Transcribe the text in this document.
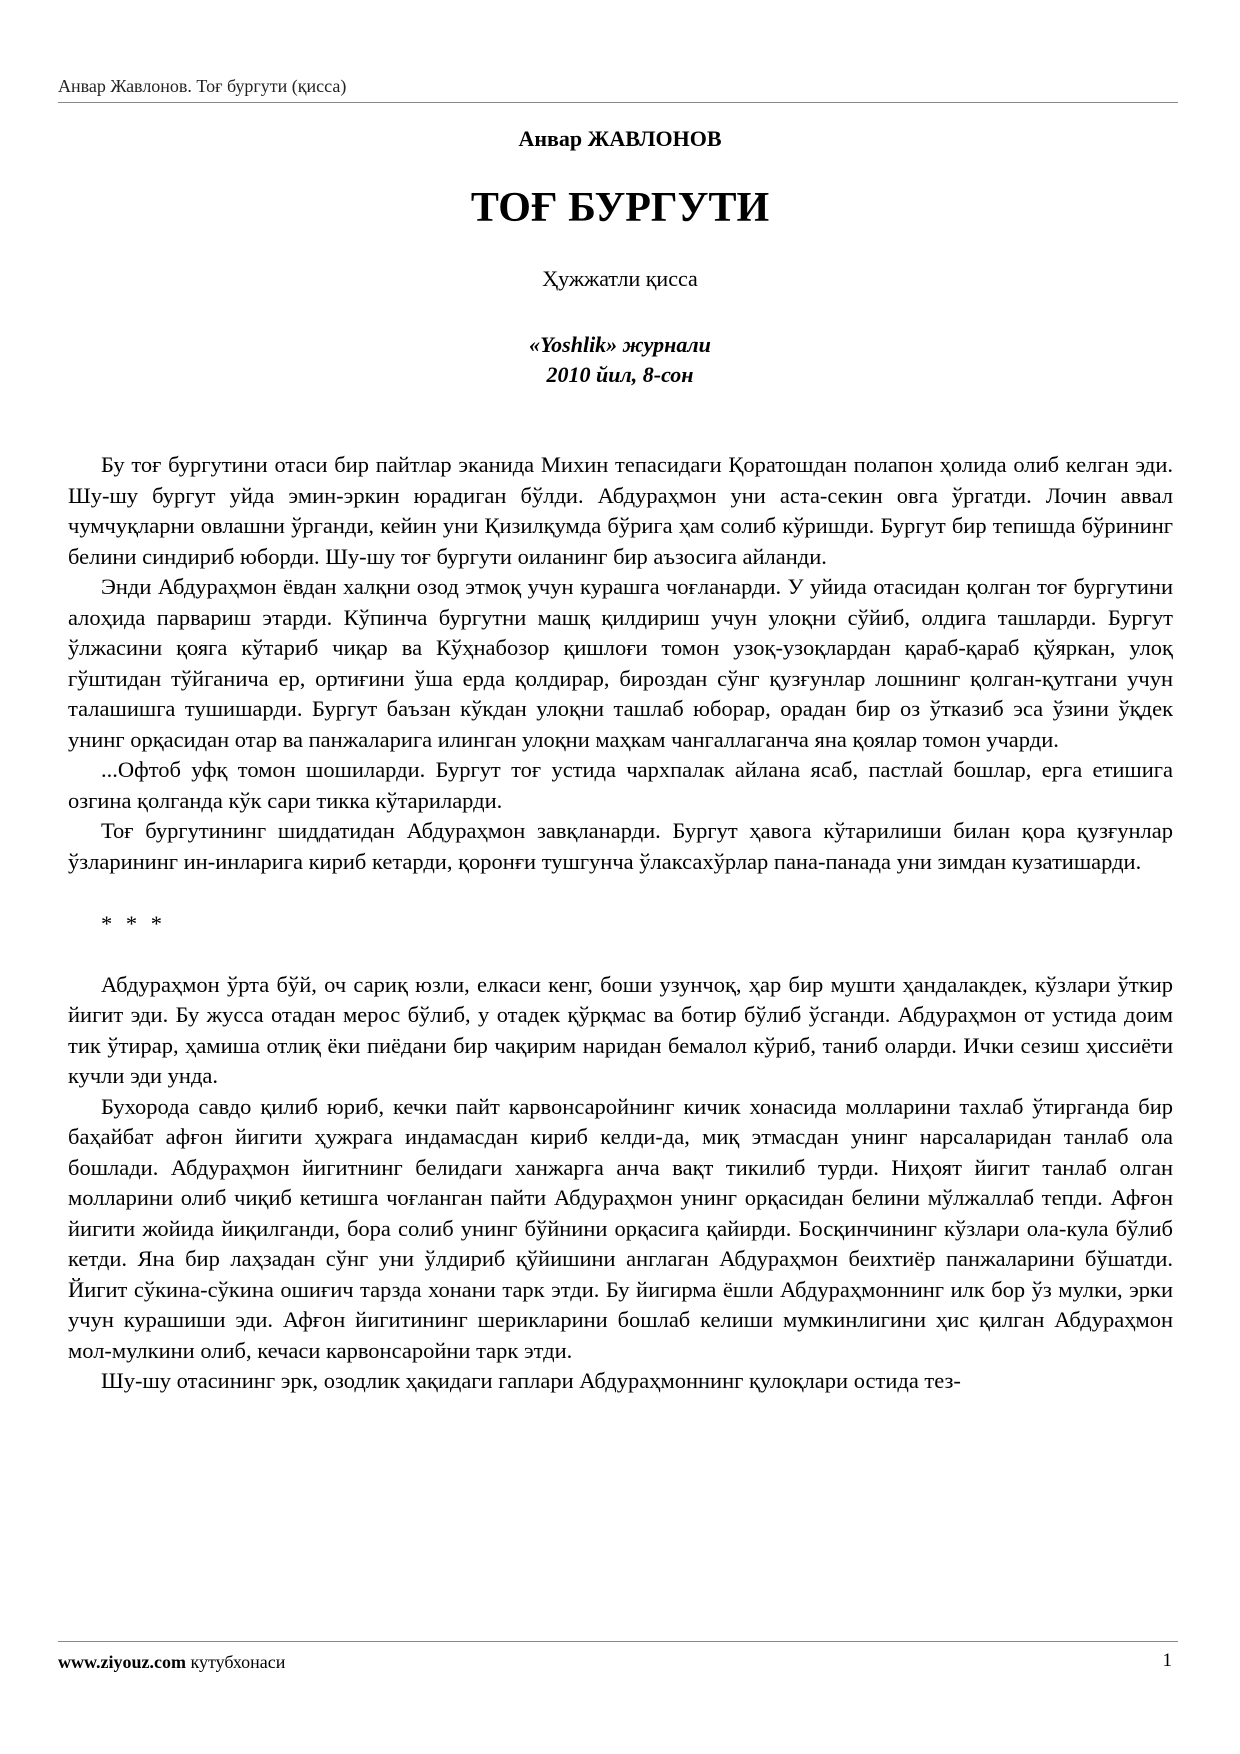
Анвар Жавлонов. Тоғ бургути (қисса)
Анвар ЖАВЛОНОВ
ТОҒ БУРГУТИ
Ҳужжатли қисса
«Yoshlik» журнали
2010 йил, 8-сон

Бу тоғ бургутини отаси бир пайтлар эканида Михин тепасидаги Қоратошдан полапон ҳолида олиб келган эди. Шу-шу бургут уйда эмин-эркин юрадиган бўлди. Абдураҳмон уни аста-секин овга ўргатди. Лочин аввал чумчуқларни овлашни ўрганди, кейин уни Қизилқумда бўрига ҳам солиб кўришди. Бургут бир тепишда бўрининг белини синдириб юборди. Шу-шу тоғ бургути оиланинг бир аъзосига айланди.

Энди Абдураҳмон ёвдан халқни озод этмоқ учун курашга чоғланарди. У уйида отасидан қолган тоғ бургутини алоҳида парвариш этарди. Кўпинча бургутни машқ қилдириш учун улоқни сўйиб, олдига ташларди. Бургут ўлжасини қояга кўтариб чиқар ва Кўҳнабозор қишлоғи томон узоқ-узоқлардан қараб-қараб қўяркан, улоқ гўштидан тўйганича ер, ортиғини ўша ерда қолдирар, бироздан сўнг қузғунлар лошнинг қолган-қутгани учун талашишга тушишарди. Бургут баъзан кўкдан улоқни ташлаб юборар, орадан бир оз ўтказиб эса ўзини ўқдек унинг орқасидан отар ва панжаларига илинган улоқни маҳкам чангаллаганча яна қоялар томон учарди.

...Офтоб уфқ томон шошиларди. Бургут тоғ устида чархпалак айлана ясаб, пастлай бошлар, ерга етишига озгина қолганда кўк сари тикка кўтариларди.

Тоғ бургутининг шиддатидан Абдураҳмон завқланарди. Бургут ҳавога кўтарилиши билан қора қузғунлар ўзларининг ин-инларига кириб кетарди, қоронғи тушгунча ўлаксахўрлар пана-панада уни зимдан кузатишарди.

* * *

Абдураҳмон ўрта бўй, оч сариқ юзли, елкаси кенг, боши узунчоқ, ҳар бир мушти ҳандалакдек, кўзлари ўткир йигит эди. Бу жусса отадан мерос бўлиб, у отадек қўрқмас ва ботир бўлиб ўсганди. Абдураҳмон от устида доим тик ўтирар, ҳамиша отлиқ ёки пиёдани бир чақирим наридан бемалол кўриб, таниб оларди. Ички сезиш ҳиссиёти кучли эди унда.

Бухорода савдо қилиб юриб, кечки пайт карвонсаройнинг кичик хонасида молларини тахлаб ўтирганда бир баҳайбат афғон йигити ҳужрага индамасдан кириб келди-да, миқ этмасдан унинг нарсаларидан танлаб ола бошлади. Абдураҳмон йигитнинг белидаги ханжарга анча вақт тикилиб турди. Ниҳоят йигит танлаб олган молларини олиб чиқиб кетишга чоғланган пайти Абдураҳмон унинг орқасидан белини мўлжаллаб тепди. Афғон йигити жойида йиқилганди, бора солиб унинг бўйнини орқасига қайирди. Босқинчининг кўзлари ола-кула бўлиб кетди. Яна бир лаҳзадан сўнг уни ўлдириб қўйишини англаган Абдураҳмон беихтиёр панжаларини бўшатди. Йигит сўкина-сўкина ошиғич тарзда хонани тарк этди. Бу йигирма ёшли Абдураҳмоннинг илк бор ўз мулки, эрки учун курашиши эди. Афғон йигитининг шерикларини бошлаб келиши мумкинлигини ҳис қилган Абдураҳмон мол-мулкини олиб, кечаси карвонсаройни тарк этди.

Шу-шу отасининг эрк, озодлик ҳақидаги гаплари Абдураҳмоннинг қулоқлари остида тез-

www.ziyouz.com кутубхонаси	1
